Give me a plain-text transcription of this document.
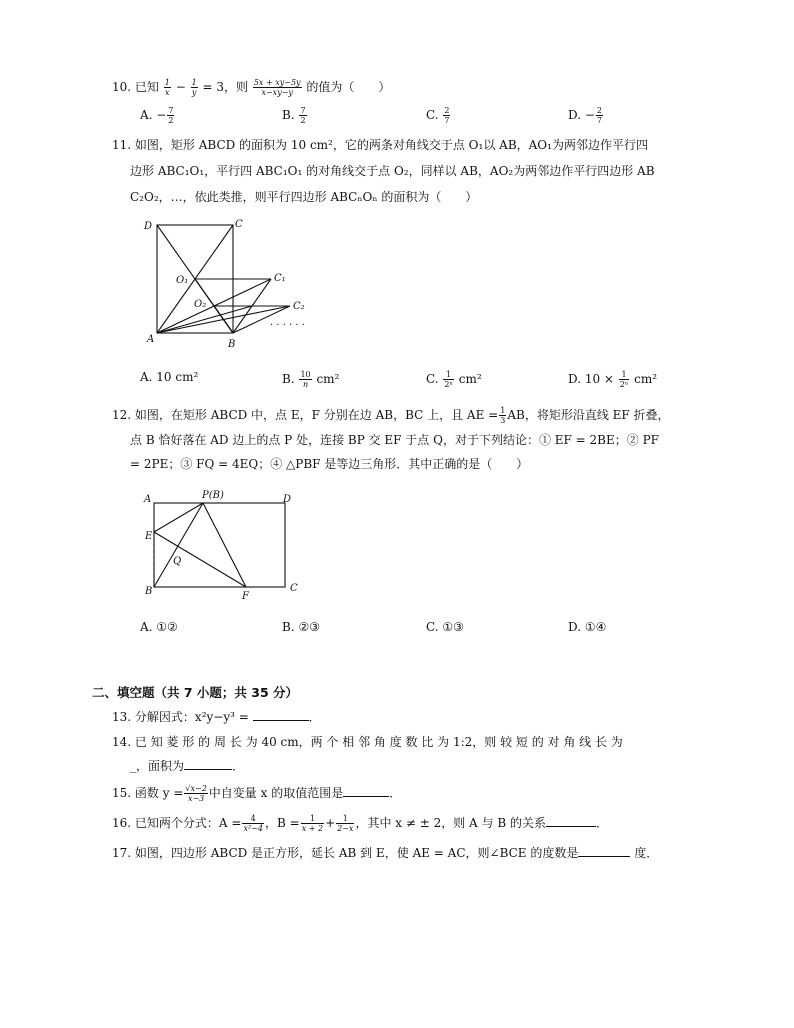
10. 已知 $\frac{1}{x} - \frac{1}{y} = 3$，则 $\frac{5x + xy-5y}{x-xy-y}$ 的值为（　　）
A. − $\frac{7}{2}$	B. $\frac{7}{2}$	C. $\frac{2}{7}$	D. − $\frac{2}{7}$
11. 如图，矩形 ABCD 的面积为 10 cm²，它的两条对角线交于点 O₁以 AB，AO₁为两邻边作平行四
边形 ABC₁O₁，平行四 ABC₁O₁ 的对角线交于点 O₂，同样以 AB，AO₂为两邻边作平行四边形 AB
C₂O₂，…，依此类推，则平行四边形 ABCₙOₙ 的面积为（　　）
D	C
O₁	C₁
O₂	C₂
· · · · · ·
A	B
A. 10 cm²	B. $\frac{10}{n} cm^2$	C. $\frac{1}{\text{2ⁿ}} cm^2$	D. $10 \times \frac{1}{\text{2ⁿ}} cm^2$
12. 如图，在矩形 ABCD 中，点 E，F 分别在边 AB，BC 上，且 AE = $\frac{1}{3}$ AB，将矩形沿直线 EF 折叠，
点 B 恰好落在 AD 边上的点 P 处，连接 BP 交 EF 于点 Q，对于下列结论：① EF = 2BE；② PF
= 2PE；③ FQ = 4EQ；④ △PBF 是等边三角形．其中正确的是（　　）
A	P(B)	D
E
Q
B	F
C
A. ①②	B. ②③	C. ①③	D. ①④
二、填空题（共 7 小题；共 35 分）
13. 分解因式：x²y−y³ =	．
14. 已 知 菱 形 的 周 长 为 40 cm，两 个 相 邻 角 度 数 比 为 1:2，则 较 短 的 对 角 线 长 为
_，面积为	．
15. 函数 $y = \frac{√x-2}{x-3}$ 中自变量 x 的取值范围是	．
16. 已知两个分式：$A = \frac{4}{\text{x²−4}}$ ，$B = \frac{1}{x + 2} + \frac{1}{2-x}$ ，其中 x ≠ ± 2，则 A 与 B 的关系	．
17. 如图，四边形 ABCD 是正方形，延长 AB 到 E，使 AE = AC，则∠BCE 的度数是	度．
